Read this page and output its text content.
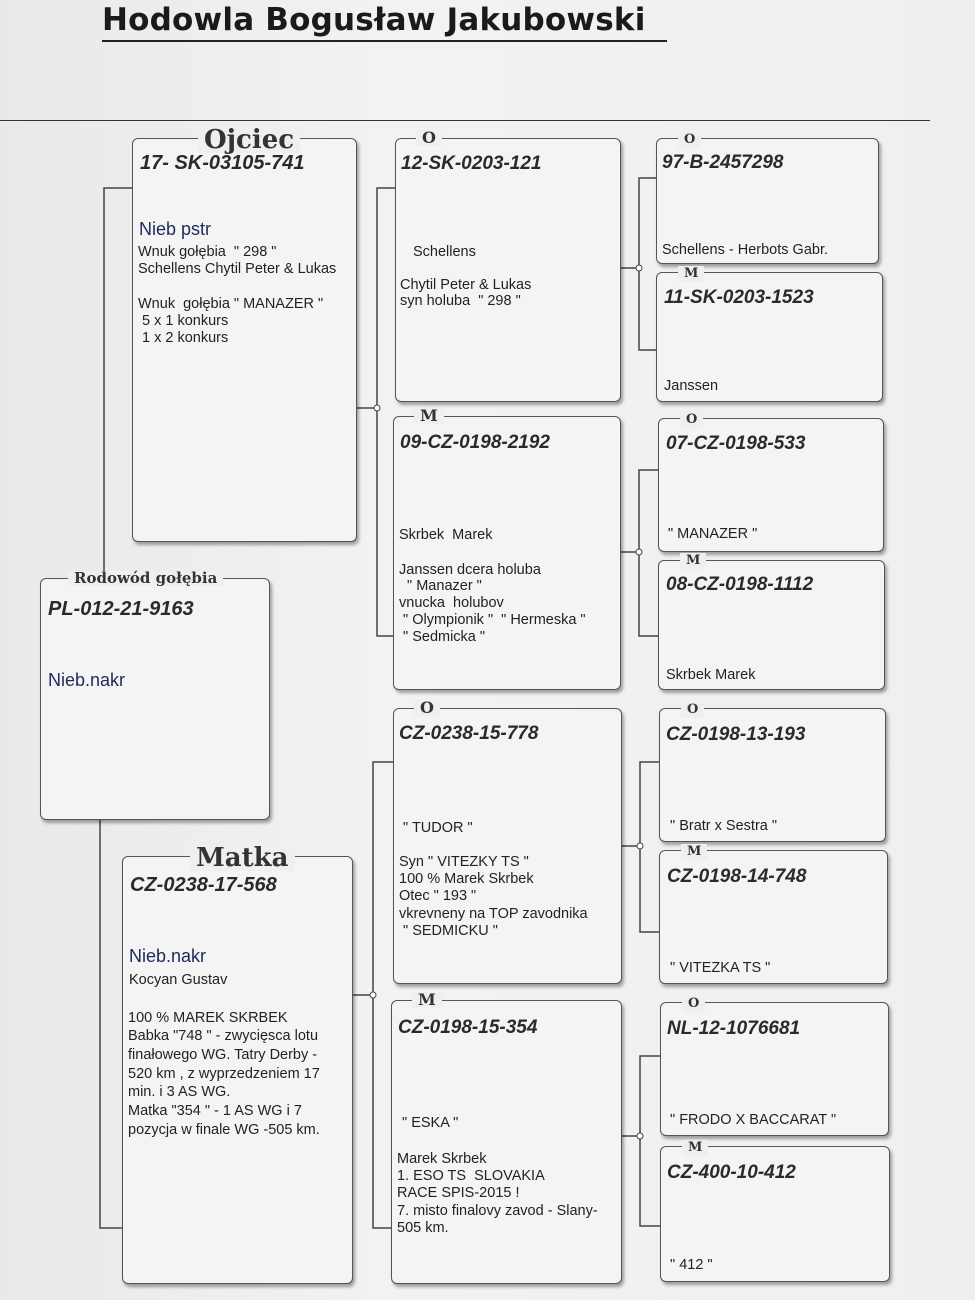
Hodowla Bogusław Jakubowski
Rodowód gołębia
PL-012-21-9163
Nieb.nakr
Ojciec
17- SK-03105-741
Nieb pstr
Wnuk gołębia  " 298 "
Schellens Chytil Peter & Lukas
Wnuk  gołębia " MANAZER "
5 x 1 konkurs
1 x 2 konkurs
Matka
CZ-0238-17-568
Nieb.nakr
Kocyan Gustav
100 % MAREK SKRBEK
Babka "748 " - zwycięsca lotu
finałowego WG. Tatry Derby -
520 km , z wyprzedzeniem 17
min. i 3 AS WG.
Matka "354 " - 1 AS WG i 7
pozycja w finale WG -505 km.
O
12-SK-0203-121
Schellens
Chytil Peter & Lukas
syn holuba  " 298 "
M
09-CZ-0198-2192
Skrbek  Marek
Janssen dcera holuba
" Manazer "
vnucka  holubov
" Olympionik "  " Hermeska "
" Sedmicka "
O
CZ-0238-15-778
" TUDOR "
Syn " VITEZKY TS "
100 % Marek Skrbek
Otec " 193 "
vkrevneny na TOP zavodnika
" SEDMICKU "
M
CZ-0198-15-354
" ESKA "
Marek Skrbek
1. ESO TS  SLOVAKIA
RACE SPIS-2015 !
7. misto finalovy zavod - Slany-
505 km.
O
97-B-2457298
Schellens - Herbots Gabr.
M
11-SK-0203-1523
Janssen
O
07-CZ-0198-533
" MANAZER "
M
08-CZ-0198-1112
Skrbek Marek
O
CZ-0198-13-193
" Bratr x Sestra "
M
CZ-0198-14-748
" VITEZKA TS "
O
NL-12-1076681
" FRODO X BACCARAT "
M
CZ-400-10-412
" 412 "
